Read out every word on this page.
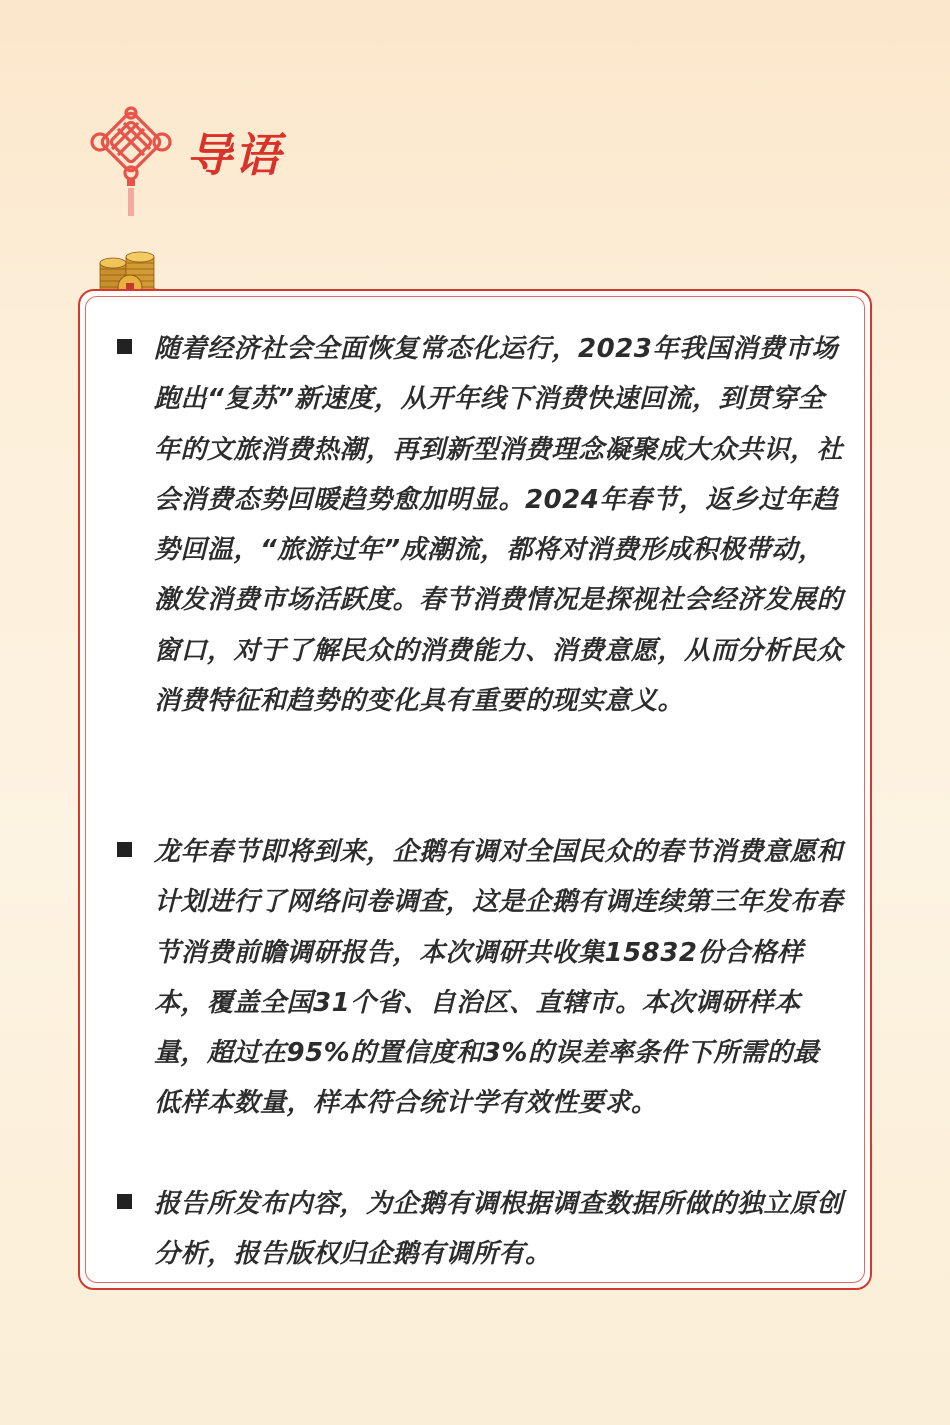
导语
随着经济社会全面恢复常态化运行，2023年我国消费市场跑出“复苏”新速度，从开年线下消费快速回流，到贯穿全年的文旅消费热潮，再到新型消费理念凝聚成大众共识，社会消费态势回暖趋势愈加明显。2024年春节，返乡过年趋势回温，“旅游过年”成潮流，都将对消费形成积极带动，激发消费市场活跃度。春节消费情况是探视社会经济发展的窗口，对于了解民众的消费能力、消费意愿，从而分析民众消费特征和趋势的变化具有重要的现实意义。
龙年春节即将到来，企鹅有调对全国民众的春节消费意愿和计划进行了网络问卷调查，这是企鹅有调连续第三年发布春节消费前瞻调研报告，本次调研共收集15832份合格样本，覆盖全国31个省、自治区、直辖市。本次调研样本量，超过在95%的置信度和3%的误差率条件下所需的最低样本数量，样本符合统计学有效性要求。
报告所发布内容，为企鹅有调根据调查数据所做的独立原创分析，报告版权归企鹅有调所有。
